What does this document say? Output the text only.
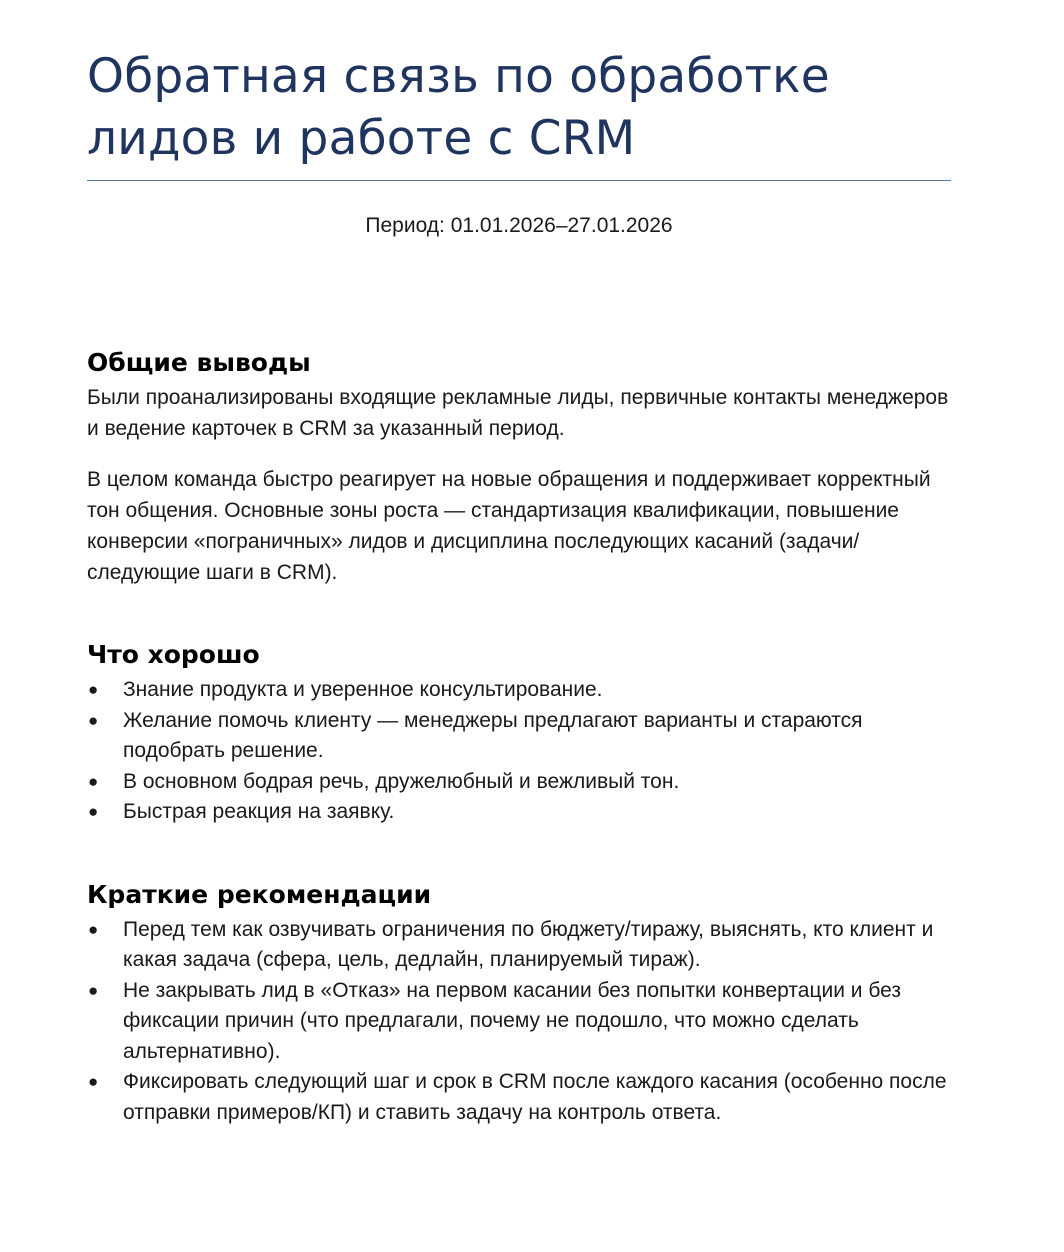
Обратная связь по обработке
лидов и работе с CRM
Период: 01.01.2026–27.01.2026
Общие выводы

Были проанализированы входящие рекламные лиды, первичные контакты менеджеров и ведение карточек в CRM за указанный период.

В целом команда быстро реагирует на новые обращения и поддерживает корректный тон общения. Основные зоны роста — стандартизация квалификации, повышение конверсии «пограничных» лидов и дисциплина последующих касаний (задачи/следующие шаги в CRM).

Что хорошо
● Знание продукта и уверенное консультирование.
● Желание помочь клиенту — менеджеры предлагают варианты и стараются подобрать решение.
● В основном бодрая речь, дружелюбный и вежливый тон.
● Быстрая реакция на заявку.
Краткие рекомендации
● Перед тем как озвучивать ограничения по бюджету/тиражу, выяснять, кто клиент и какая задача (сфера, цель, дедлайн, планируемый тираж).
● Не закрывать лид в «Отказ» на первом касании без попытки конвертации и без фиксации причин (что предлагали, почему не подошло, что можно сделать альтернативно).
● Фиксировать следующий шаг и срок в CRM после каждого касания (особенно после отправки примеров/КП) и ставить задачу на контроль ответа.
